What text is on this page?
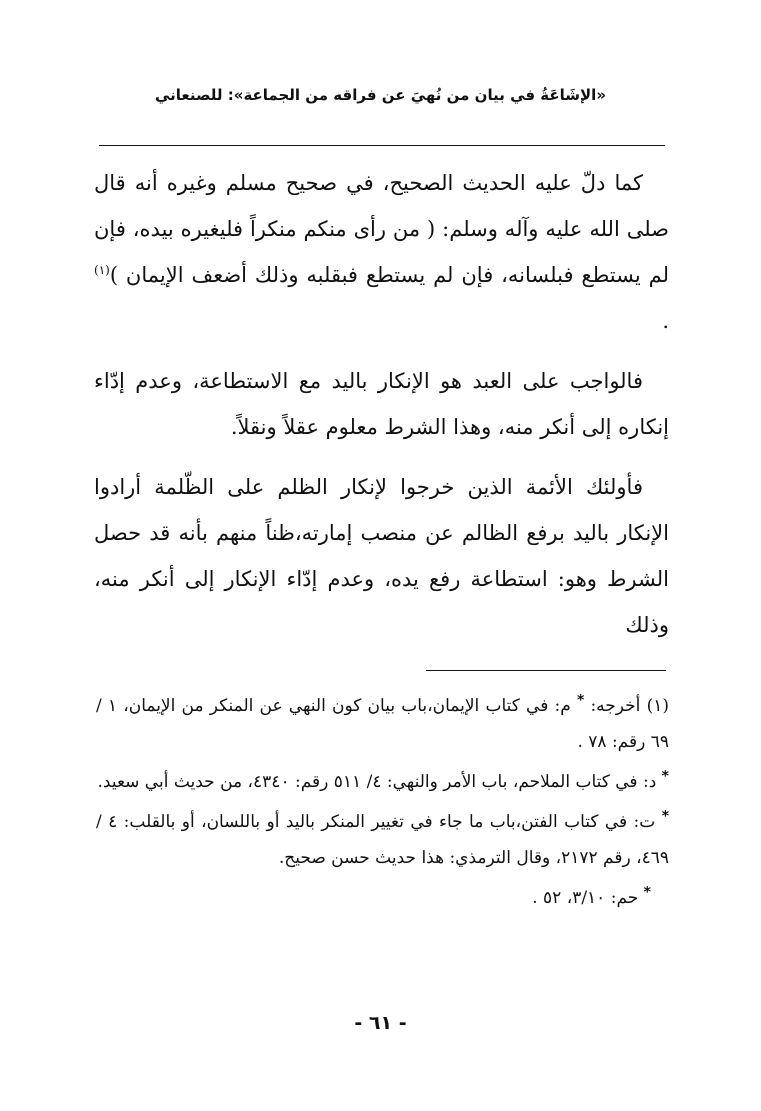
«الإشَاعَةُ في بيان من نُهيَ عن فراقه من الجماعة»: للصنعاني

كما دلّ عليه الحديث الصحيح، في صحيح مسلم وغيره أنه قال صلى الله عليه وآله وسلم: ( من رأى منكم منكراً فليغيره بيده، فإن لم يستطع فبلسانه، فإن لم يستطع فبقلبه وذلك أضعف الإيمان )$^{(١)}$ .

فالواجب على العبد هو الإنكار باليد مع الاستطاعة، وعدم إدّاء إنكاره إلى أنكر منه، وهذا الشرط معلوم عقلاً ونقلاً.

فأولئك الأئمة الذين خرجوا لإنكار الظلم على الظّلمة أرادوا الإنكار باليد برفع الظالم عن منصب إمارته،ظناً منهم بأنه قد حصل الشرط وهو: استطاعة رفع يده، وعدم إدّاء الإنكار إلى أنكر منه، وذلك

(١) أخرجه: * م: في كتاب الإيمان،باب بيان كون النهي عن المنكر من الإيمان، ١ /٦٩ رقم: ٧٨ .

* د: في كتاب الملاحم، باب الأمر والنهي: ٤/ ٥١١ رقم: ٤٣٤٠، من حديث أبي سعيد.

* ت: في كتاب الفتن،باب ما جاء في تغيير المنكر باليد أو باللسان، أو بالقلب: ٤ /٤٦٩، رقم ٢١٧٢، وقال الترمذي: هذا حديث حسن صحيح.

* حم: ٣/١٠، ٥٢ .

- ٦١ -
